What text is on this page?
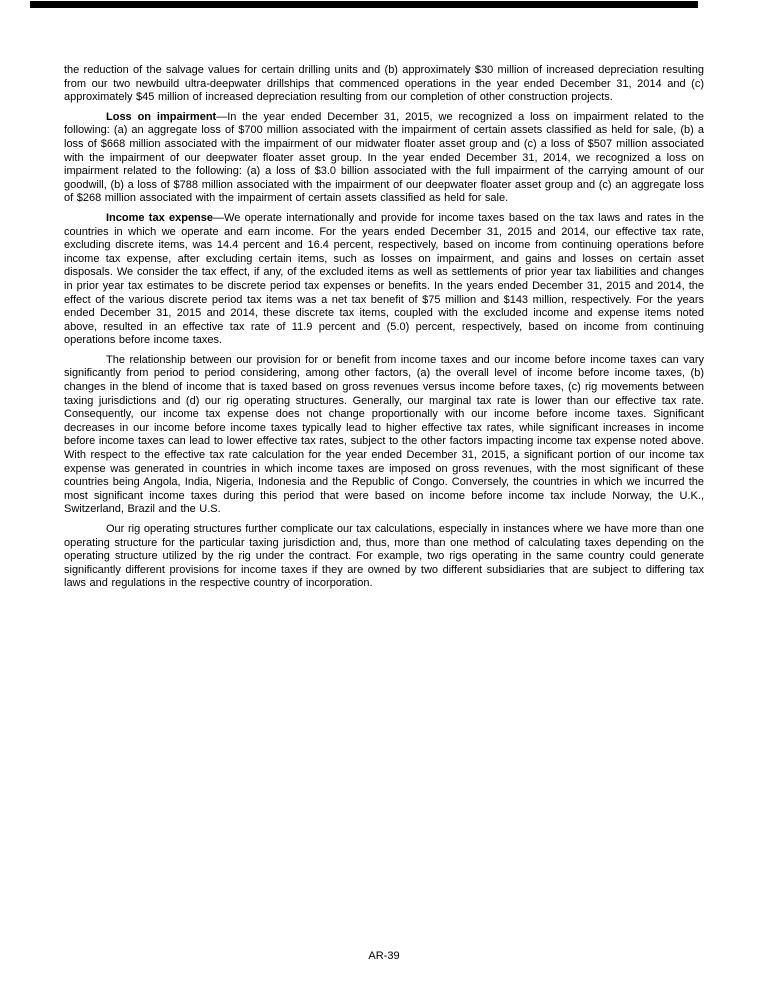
the reduction of the salvage values for certain drilling units and (b) approximately $30 million of increased depreciation resulting from our two newbuild ultra-deepwater drillships that commenced operations in the year ended December 31, 2014 and (c) approximately $45 million of increased depreciation resulting from our completion of other construction projects.

Loss on impairment—In the year ended December 31, 2015, we recognized a loss on impairment related to the following: (a) an aggregate loss of $700 million associated with the impairment of certain assets classified as held for sale, (b) a loss of $668 million associated with the impairment of our midwater floater asset group and (c) a loss of $507 million associated with the impairment of our deepwater floater asset group. In the year ended December 31, 2014, we recognized a loss on impairment related to the following: (a) a loss of $3.0 billion associated with the full impairment of the carrying amount of our goodwill, (b) a loss of $788 million associated with the impairment of our deepwater floater asset group and (c) an aggregate loss of $268 million associated with the impairment of certain assets classified as held for sale.

Income tax expense—We operate internationally and provide for income taxes based on the tax laws and rates in the countries in which we operate and earn income. For the years ended December 31, 2015 and 2014, our effective tax rate, excluding discrete items, was 14.4 percent and 16.4 percent, respectively, based on income from continuing operations before income tax expense, after excluding certain items, such as losses on impairment, and gains and losses on certain asset disposals. We consider the tax effect, if any, of the excluded items as well as settlements of prior year tax liabilities and changes in prior year tax estimates to be discrete period tax expenses or benefits. In the years ended December 31, 2015 and 2014, the effect of the various discrete period tax items was a net tax benefit of $75 million and $143 million, respectively. For the years ended December 31, 2015 and 2014, these discrete tax items, coupled with the excluded income and expense items noted above, resulted in an effective tax rate of 11.9 percent and (5.0) percent, respectively, based on income from continuing operations before income taxes.

The relationship between our provision for or benefit from income taxes and our income before income taxes can vary significantly from period to period considering, among other factors, (a) the overall level of income before income taxes, (b) changes in the blend of income that is taxed based on gross revenues versus income before taxes, (c) rig movements between taxing jurisdictions and (d) our rig operating structures. Generally, our marginal tax rate is lower than our effective tax rate. Consequently, our income tax expense does not change proportionally with our income before income taxes. Significant decreases in our income before income taxes typically lead to higher effective tax rates, while significant increases in income before income taxes can lead to lower effective tax rates, subject to the other factors impacting income tax expense noted above. With respect to the effective tax rate calculation for the year ended December 31, 2015, a significant portion of our income tax expense was generated in countries in which income taxes are imposed on gross revenues, with the most significant of these countries being Angola, India, Nigeria, Indonesia and the Republic of Congo. Conversely, the countries in which we incurred the most significant income taxes during this period that were based on income before income tax include Norway, the U.K., Switzerland, Brazil and the U.S.

Our rig operating structures further complicate our tax calculations, especially in instances where we have more than one operating structure for the particular taxing jurisdiction and, thus, more than one method of calculating taxes depending on the operating structure utilized by the rig under the contract. For example, two rigs operating in the same country could generate significantly different provisions for income taxes if they are owned by two different subsidiaries that are subject to differing tax laws and regulations in the respective country of incorporation.

AR-39
